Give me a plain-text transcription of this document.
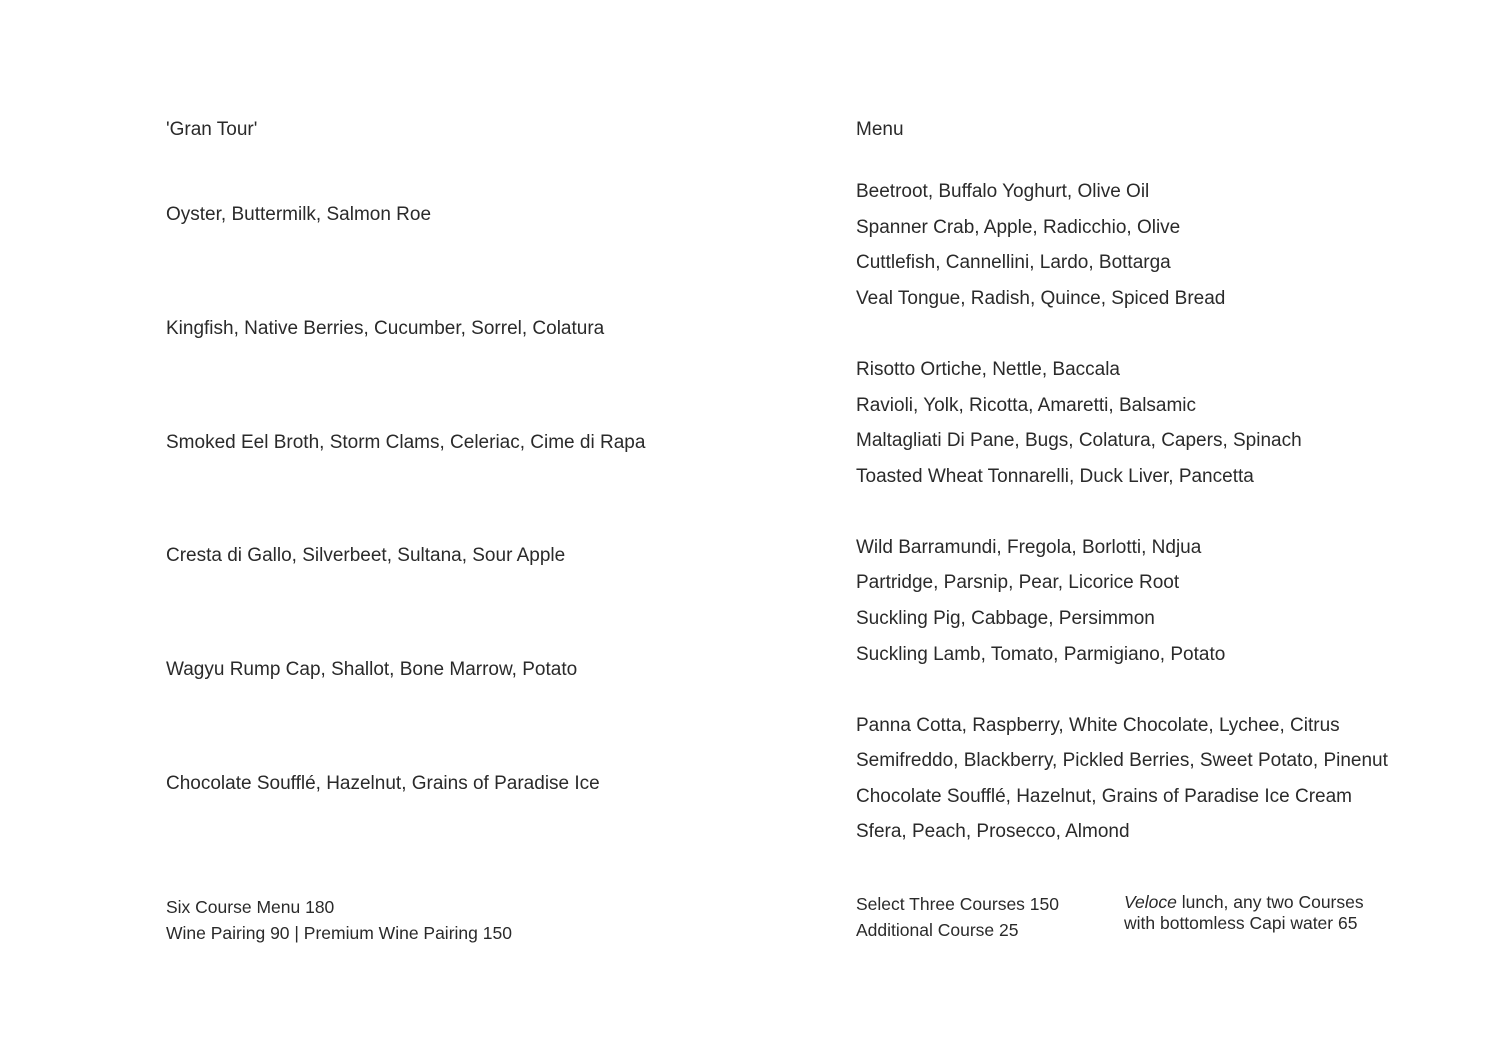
'Gran Tour'
Oyster, Buttermilk, Salmon Roe
Kingfish, Native Berries, Cucumber, Sorrel, Colatura
Smoked Eel Broth, Storm Clams, Celeriac, Cime di Rapa
Cresta di Gallo, Silverbeet, Sultana, Sour Apple
Wagyu Rump Cap, Shallot, Bone Marrow, Potato
Chocolate Soufflé, Hazelnut, Grains of Paradise Ice
Six Course Menu 180
Wine Pairing 90 | Premium Wine Pairing 150
Menu
Beetroot, Buffalo Yoghurt, Olive Oil
Spanner Crab, Apple, Radicchio, Olive
Cuttlefish, Cannellini, Lardo, Bottarga
Veal Tongue, Radish, Quince, Spiced Bread
Risotto Ortiche, Nettle, Baccala
Ravioli, Yolk, Ricotta, Amaretti, Balsamic
Maltagliati Di Pane, Bugs, Colatura, Capers, Spinach
Toasted Wheat Tonnarelli, Duck Liver, Pancetta
Wild Barramundi, Fregola, Borlotti, Ndjua
Partridge, Parsnip, Pear, Licorice Root
Suckling Pig, Cabbage, Persimmon
Suckling Lamb, Tomato, Parmigiano, Potato
Panna Cotta, Raspberry, White Chocolate, Lychee, Citrus
Semifreddo, Blackberry, Pickled Berries, Sweet Potato, Pinenut
Chocolate Soufflé, Hazelnut, Grains of Paradise Ice Cream
Sfera, Peach, Prosecco, Almond
Select Three Courses 150
Additional Course 25
Veloce lunch, any two Courses
with bottomless Capi water 65
